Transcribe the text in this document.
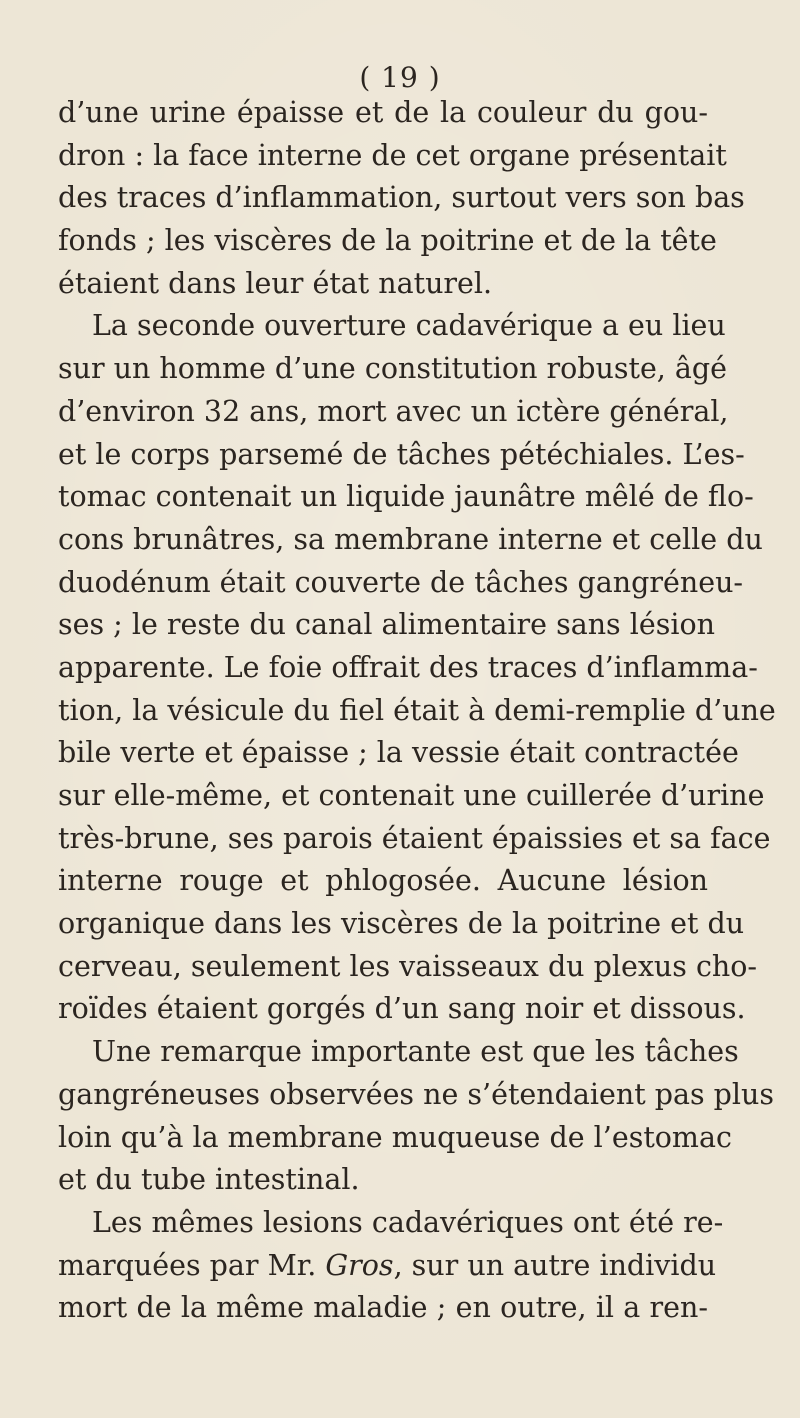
( 19 )
d’une urine épaisse et de la couleur du gou-
dron : la face interne de cet organe présentait
des traces d’inflammation, surtout vers son bas
fonds ; les viscères de la poitrine et de la tête
étaient dans leur état naturel.
La seconde ouverture cadavérique a eu lieu
sur un homme d’une constitution robuste, âgé
d’environ 32 ans, mort avec un ictère général,
et le corps parsemé de tâches pétéchiales. L’es-
tomac contenait un liquide jaunâtre mêlé de flo-
cons brunâtres, sa membrane interne et celle du
duodénum était couverte de tâches gangréneu-
ses ; le reste du canal alimentaire sans lésion
apparente. Le foie offrait des traces d’inflamma-
tion, la vésicule du fiel était à demi-remplie d’une
bile verte et épaisse ; la vessie était contractée
sur elle-même, et contenait une cuillerée d’urine
très-brune, ses parois étaient épaissies et sa face
interne rouge et phlogosée. Aucune lésion
organique dans les viscères de la poitrine et du
cerveau, seulement les vaisseaux du plexus cho-
roïdes étaient gorgés d’un sang noir et dissous.
Une remarque importante est que les tâches
gangréneuses observées ne s’étendaient pas plus
loin qu’à la membrane muqueuse de l’estomac
et du tube intestinal.
Les mêmes lesions cadavériques ont été re-
marquées par Mr. Gros, sur un autre individu
mort de la même maladie ; en outre, il a ren-
